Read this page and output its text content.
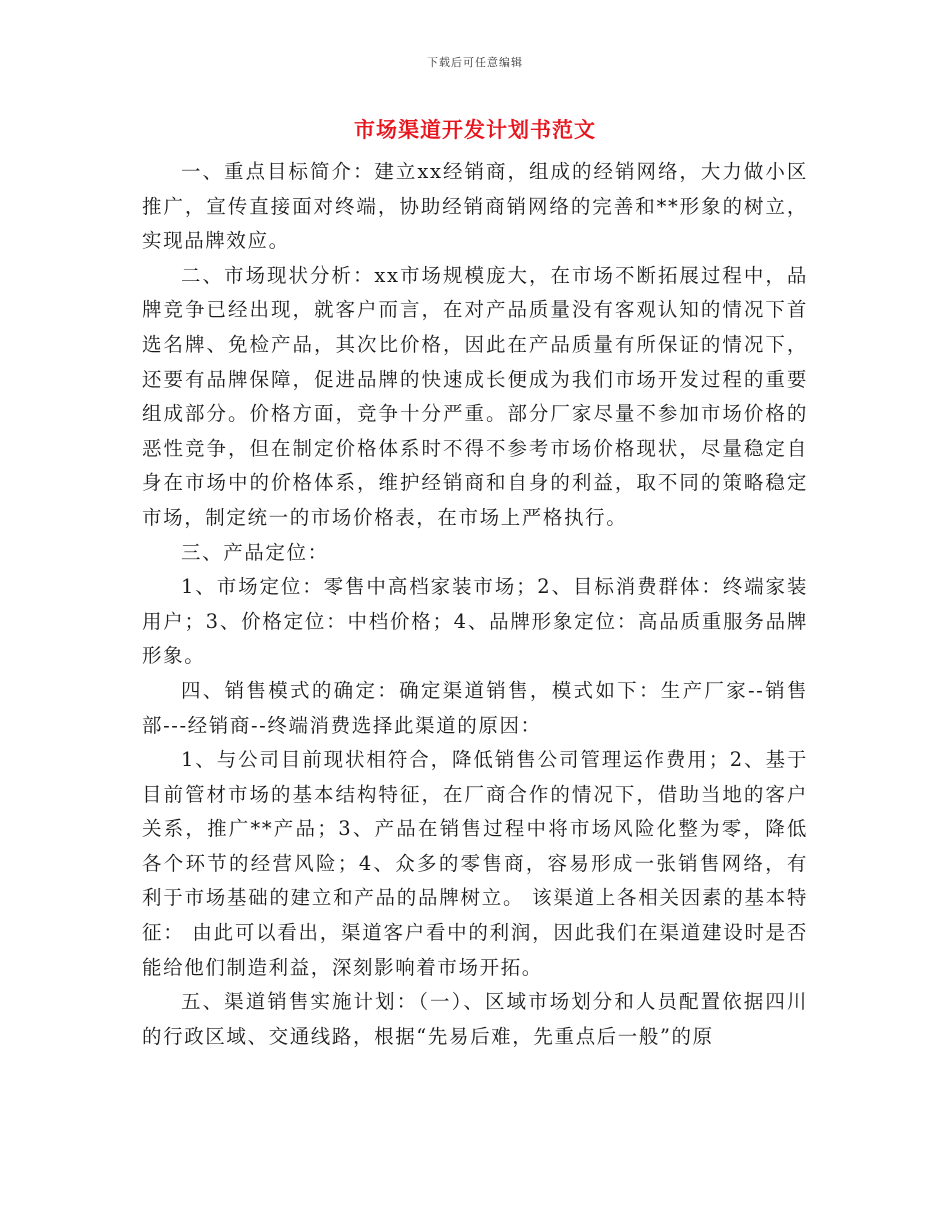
下载后可任意编辑
市场渠道开发计划书范文

一、重点目标简介：建立xx经销商，组成的经销网络，大力做小区推广，宣传直接面对终端，协助经销商销网络的完善和**形象的树立，实现品牌效应。

二、市场现状分析：xx市场规模庞大，在市场不断拓展过程中，品牌竞争已经出现，就客户而言，在对产品质量没有客观认知的情况下首选名牌、免检产品，其次比价格，因此在产品质量有所保证的情况下，还要有品牌保障，促进品牌的快速成长便成为我们市场开发过程的重要组成部分。价格方面，竞争十分严重。部分厂家尽量不参加市场价格的恶性竞争，但在制定价格体系时不得不参考市场价格现状，尽量稳定自身在市场中的价格体系，维护经销商和自身的利益，取不同的策略稳定市场，制定统一的市场价格表，在市场上严格执行。

三、产品定位：

1、市场定位：零售中高档家装市场；2、目标消费群体：终端家装用户；3、价格定位：中档价格；4、品牌形象定位：高品质重服务品牌形象。

四、销售模式的确定：确定渠道销售，模式如下：生产厂家--销售部---经销商--终端消费选择此渠道的原因：

1、与公司目前现状相符合，降低销售公司管理运作费用；2、基于目前管材市场的基本结构特征，在厂商合作的情况下，借助当地的客户关系，推广**产品；3、产品在销售过程中将市场风险化整为零，降低各个环节的经营风险；4、众多的零售商，容易形成一张销售网络，有利于市场基础的建立和产品的品牌树立。 该渠道上各相关因素的基本特征： 由此可以看出，渠道客户看中的利润，因此我们在渠道建设时是否能给他们制造利益，深刻影响着市场开拓。

五、渠道销售实施计划：（一）、区域市场划分和人员配置依据四川的行政区域、交通线路，根据“先易后难，先重点后一般”的原
